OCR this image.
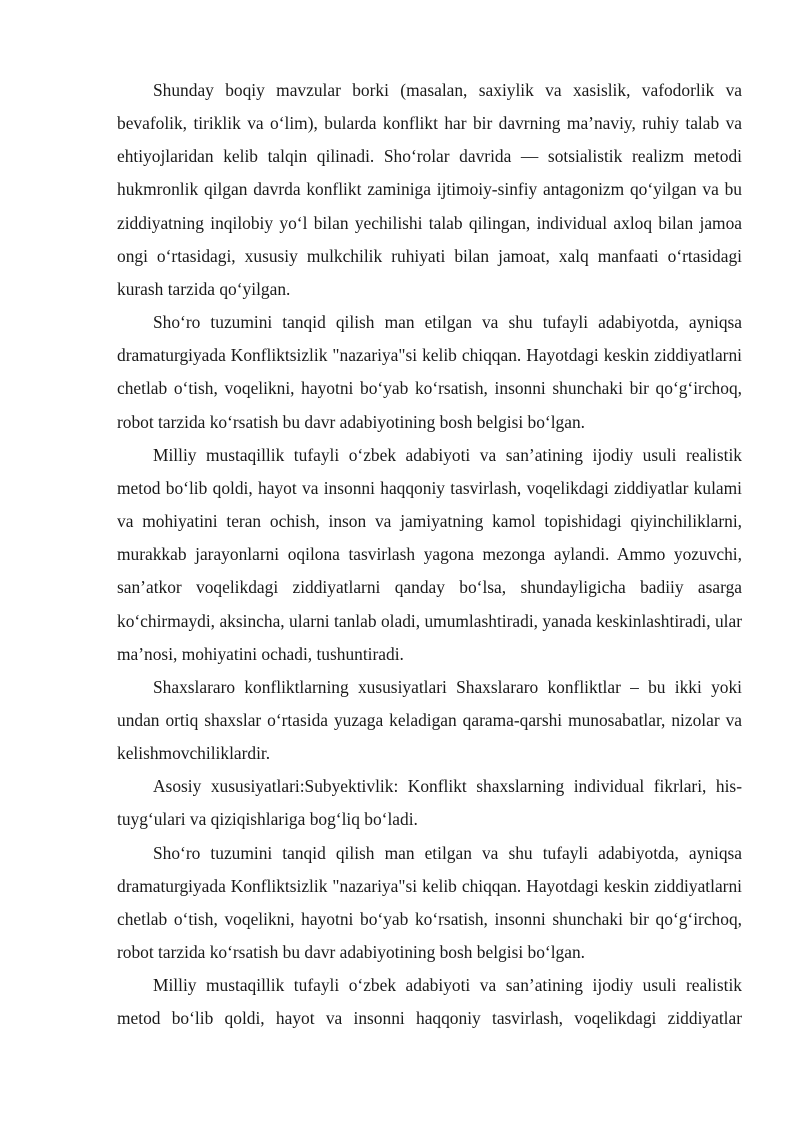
Shunday boqiy mavzular borki (masalan, saxiylik va xasislik, vafodorlik va bevafolik, tiriklik va o‘lim), bularda konflikt har bir davrning ma’naviy, ruhiy talab va ehtiyojlaridan kelib talqin qilinadi. Sho‘rolar davrida — sotsialistik realizm metodi hukmronlik qilgan davrda konflikt zaminiga ijtimoiy-sinfiy antagonizm qo‘yilgan va bu ziddiyatning inqilobiy yo‘l bilan yechilishi talab qilingan, individual axloq bilan jamoa ongi o‘rtasidagi, xususiy mulkchilik ruhiyati bilan jamoat, xalq manfaati o‘rtasidagi kurash tarzida qo‘yilgan.

Sho‘ro tuzumini tanqid qilish man etilgan va shu tufayli adabiyotda, ayniqsa dramaturgiyada Konfliktsizlik "nazariya"si kelib chiqqan. Hayotdagi keskin ziddiyatlarni chetlab o‘tish, voqelikni, hayotni bo‘yab ko‘rsatish, insonni shunchaki bir qo‘g‘irchoq, robot tarzida ko‘rsatish bu davr adabiyotining bosh belgisi bo‘lgan.

Milliy mustaqillik tufayli o‘zbek adabiyoti va san’atining ijodiy usuli realistik metod bo‘lib qoldi, hayot va insonni haqqoniy tasvirlash, voqelikdagi ziddiyatlar kulami va mohiyatini teran ochish, inson va jamiyatning kamol topishidagi qiyinchiliklarni, murakkab jarayonlarni oqilona tasvirlash yagona mezonga aylandi. Ammo yozuvchi, san’atkor voqelikdagi ziddiyatlarni qanday bo‘lsa, shundayligicha badiiy asarga ko‘chirmaydi, aksincha, ularni tanlab oladi, umumlashtiradi, yanada keskinlashtiradi, ular ma’nosi, mohiyatini ochadi, tushuntiradi.

Shaxslararo konfliktlarning xususiyatlari Shaxslararo konfliktlar – bu ikki yoki undan ortiq shaxslar o‘rtasida yuzaga keladigan qarama-qarshi munosabatlar, nizolar va kelishmovchiliklardir.

Asosiy xususiyatlari:Subyektivlik: Konflikt shaxslarning individual fikrlari, his-tuyg‘ulari va qiziqishlariga bog‘liq bo‘ladi.

Sho‘ro tuzumini tanqid qilish man etilgan va shu tufayli adabiyotda, ayniqsa dramaturgiyada Konfliktsizlik "nazariya"si kelib chiqqan. Hayotdagi keskin ziddiyatlarni chetlab o‘tish, voqelikni, hayotni bo‘yab ko‘rsatish, insonni shunchaki bir qo‘g‘irchoq, robot tarzida ko‘rsatish bu davr adabiyotining bosh belgisi bo‘lgan.

Milliy mustaqillik tufayli o‘zbek adabiyoti va san’atining ijodiy usuli realistik metod bo‘lib qoldi, hayot va insonni haqqoniy tasvirlash, voqelikdagi ziddiyatlar
